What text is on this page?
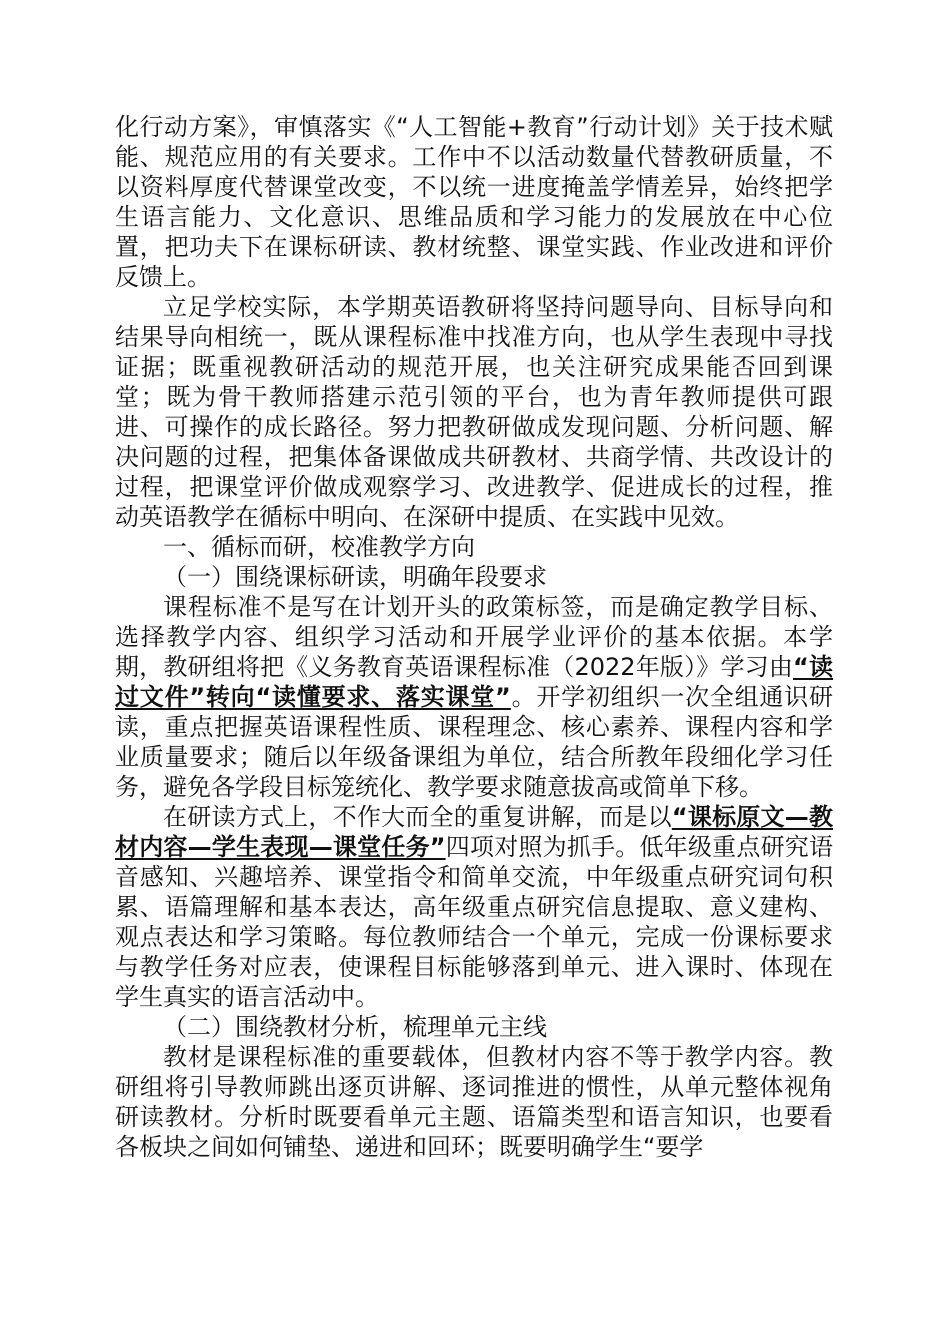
化行动方案》，审慎落实《“人工智能+教育”行动计划》关于技术赋能、规范应用的有关要求。工作中不以活动数量代替教研质量，不以资料厚度代替课堂改变，不以统一进度掩盖学情差异，始终把学生语言能力、文化意识、思维品质和学习能力的发展放在中心位置，把功夫下在课标研读、教材统整、课堂实践、作业改进和评价反馈上。

立足学校实际，本学期英语教研将坚持问题导向、目标导向和结果导向相统一，既从课程标准中找准方向，也从学生表现中寻找证据；既重视教研活动的规范开展，也关注研究成果能否回到课堂；既为骨干教师搭建示范引领的平台，也为青年教师提供可跟进、可操作的成长路径。努力把教研做成发现问题、分析问题、解决问题的过程，把集体备课做成共研教材、共商学情、共改设计的过程，把课堂评价做成观察学习、改进教学、促进成长的过程，推动英语教学在循标中明向、在深研中提质、在实践中见效。

一、循标而研，校准教学方向

（一）围绕课标研读，明确年段要求

课程标准不是写在计划开头的政策标签，而是确定教学目标、选择教学内容、组织学习活动和开展学业评价的基本依据。本学期，教研组将把《义务教育英语课程标准（2022年版）》学习由“读过文件”转向“读懂要求、落实课堂”。开学初组织一次全组通识研读，重点把握英语课程性质、课程理念、核心素养、课程内容和学业质量要求；随后以年级备课组为单位，结合所教年段细化学习任务，避免各学段目标笼统化、教学要求随意拔高或简单下移。

在研读方式上，不作大而全的重复讲解，而是以“课标原文—教材内容—学生表现—课堂任务”四项对照为抓手。低年级重点研究语音感知、兴趣培养、课堂指令和简单交流，中年级重点研究词句积累、语篇理解和基本表达，高年级重点研究信息提取、意义建构、观点表达和学习策略。每位教师结合一个单元，完成一份课标要求与教学任务对应表，使课程目标能够落到单元、进入课时、体现在学生真实的语言活动中。

（二）围绕教材分析，梳理单元主线

教材是课程标准的重要载体，但教材内容不等于教学内容。教研组将引导教师跳出逐页讲解、逐词推进的惯性，从单元整体视角研读教材。分析时既要看单元主题、语篇类型和语言知识，也要看各板块之间如何铺垫、递进和回环；既要明确学生“要学
